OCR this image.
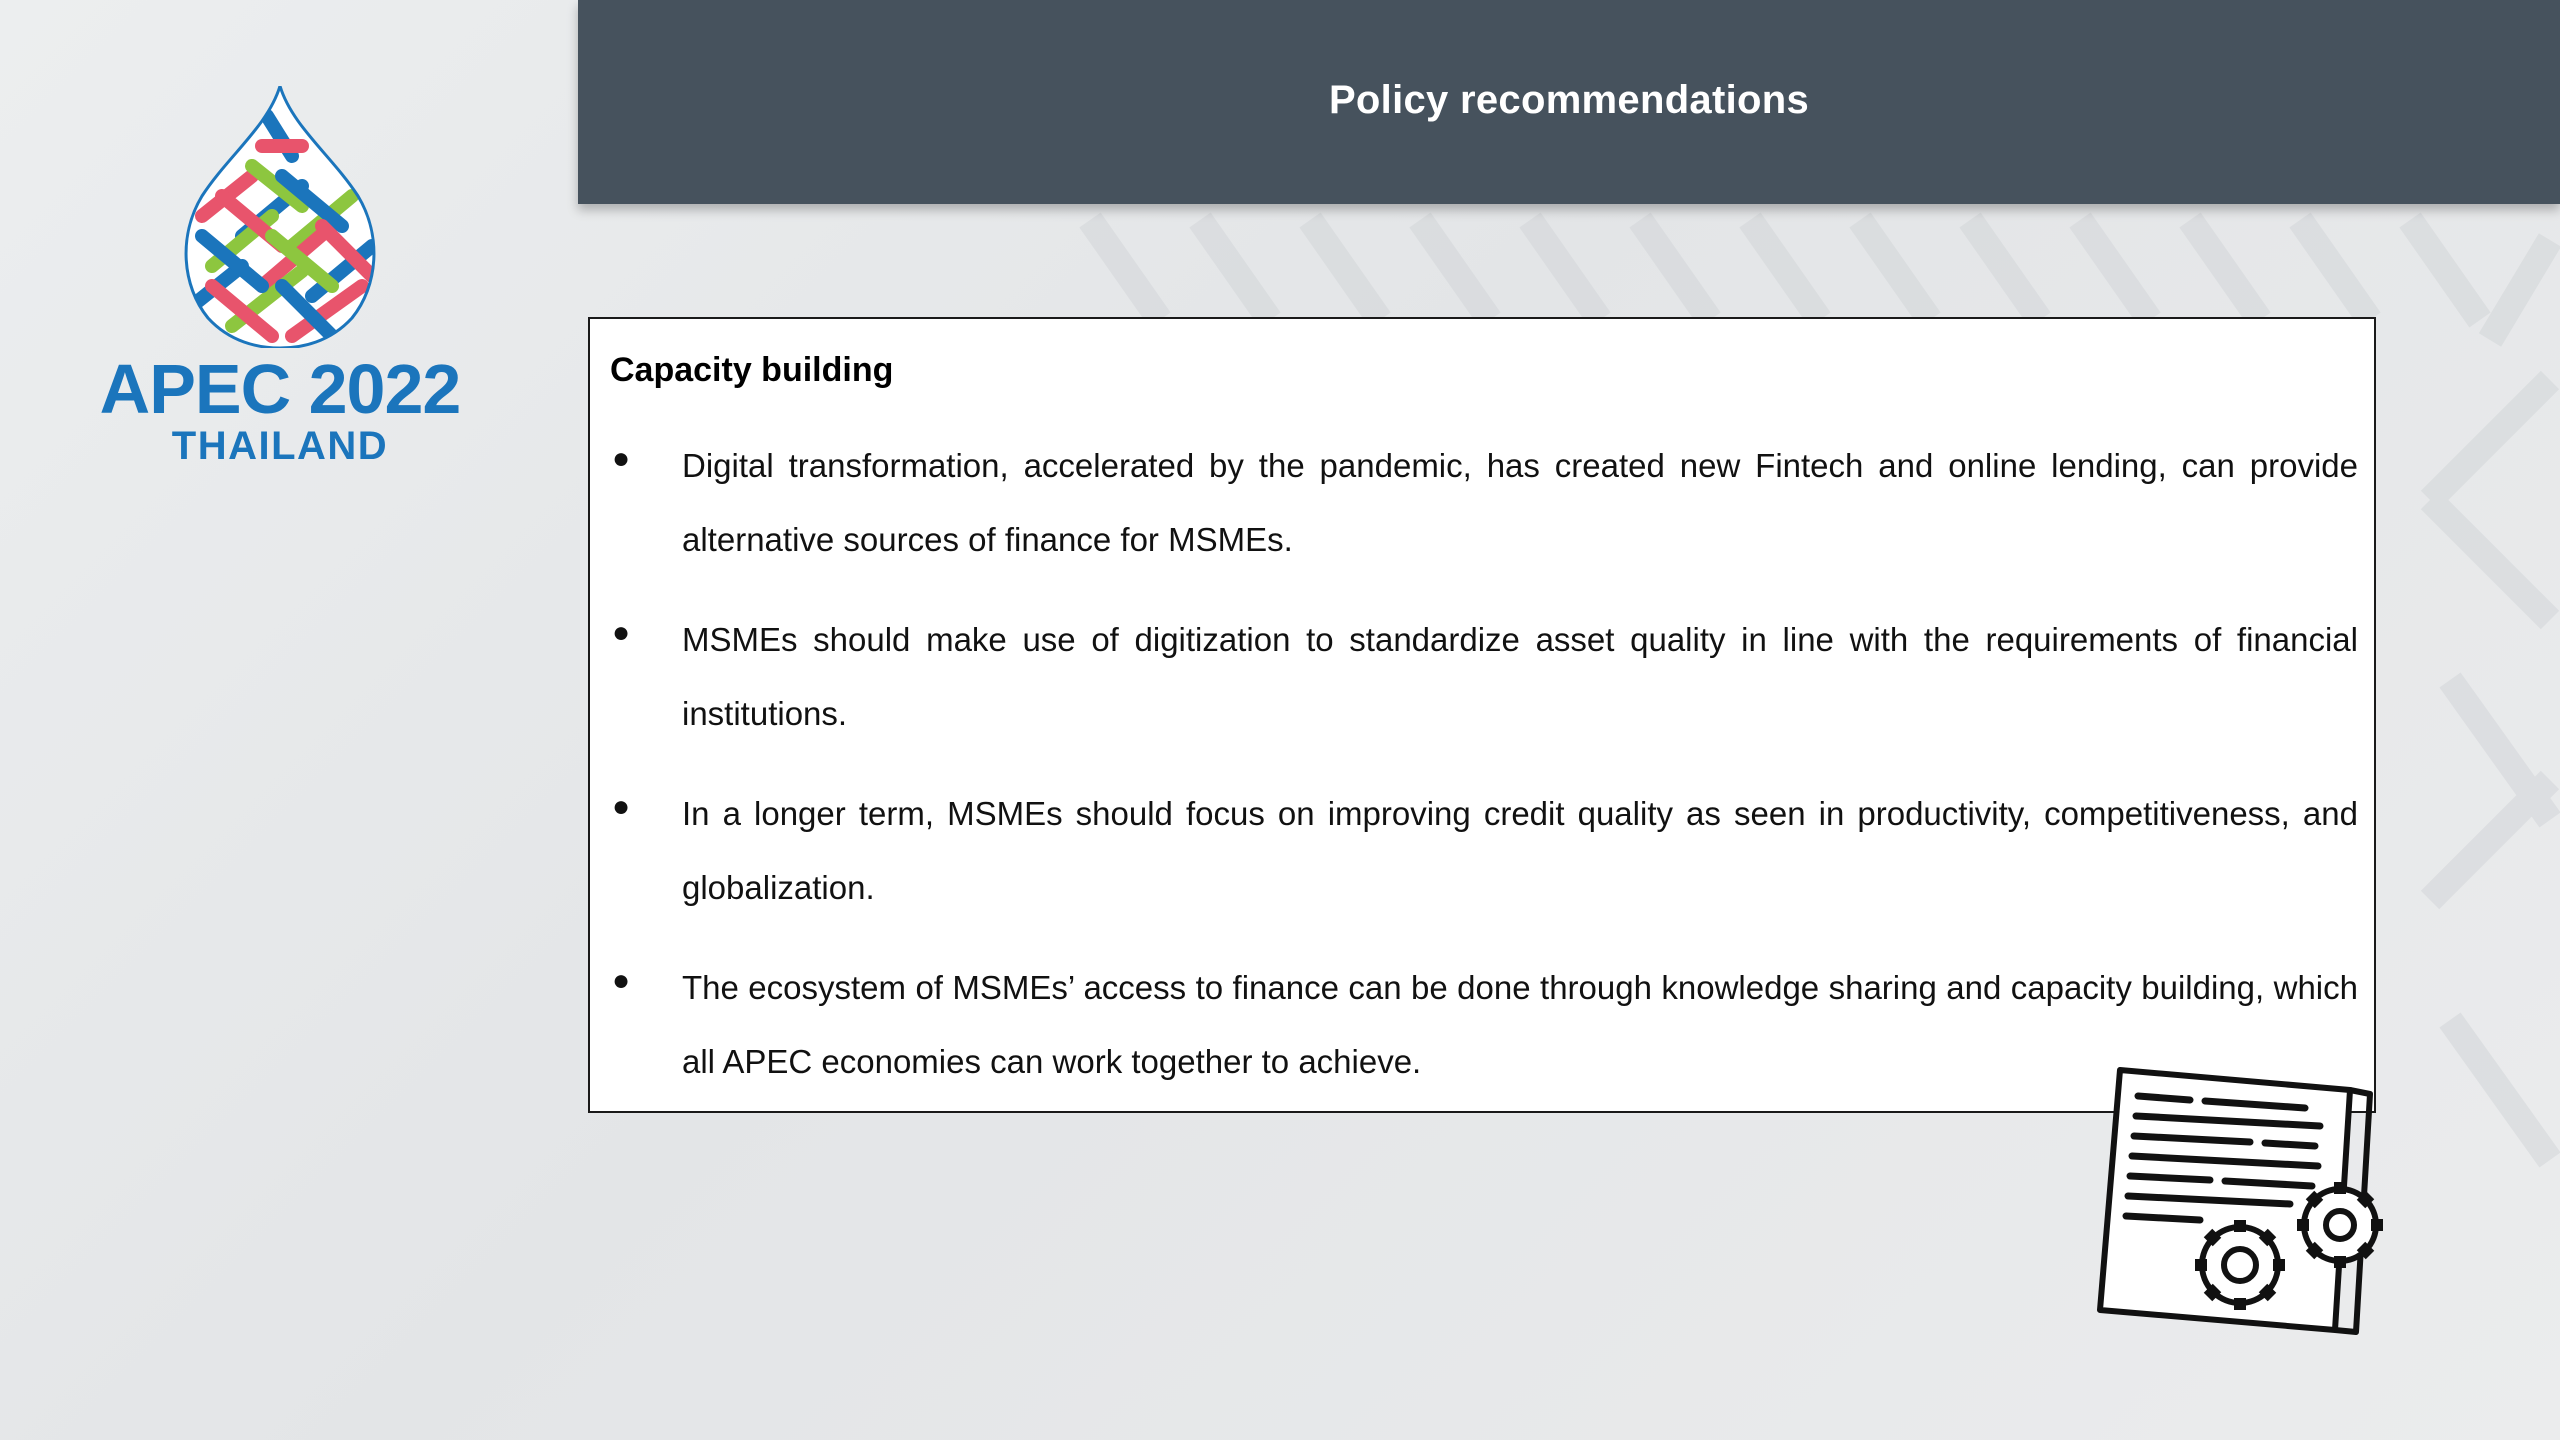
Policy recommendations
APEC 2022
THAILAND
Capacity building
● Digital transformation, accelerated by the pandemic, has created new Fintech and online lending, can provide alternative sources of finance for MSMEs.
● MSMEs should make use of digitization to standardize asset quality in line with the requirements of financial institutions.
● In a longer term, MSMEs should focus on improving credit quality as seen in productivity, competitiveness, and globalization.
● The ecosystem of MSMEs’ access to finance can be done through knowledge sharing and capacity building, which all APEC economies can work together to achieve.
